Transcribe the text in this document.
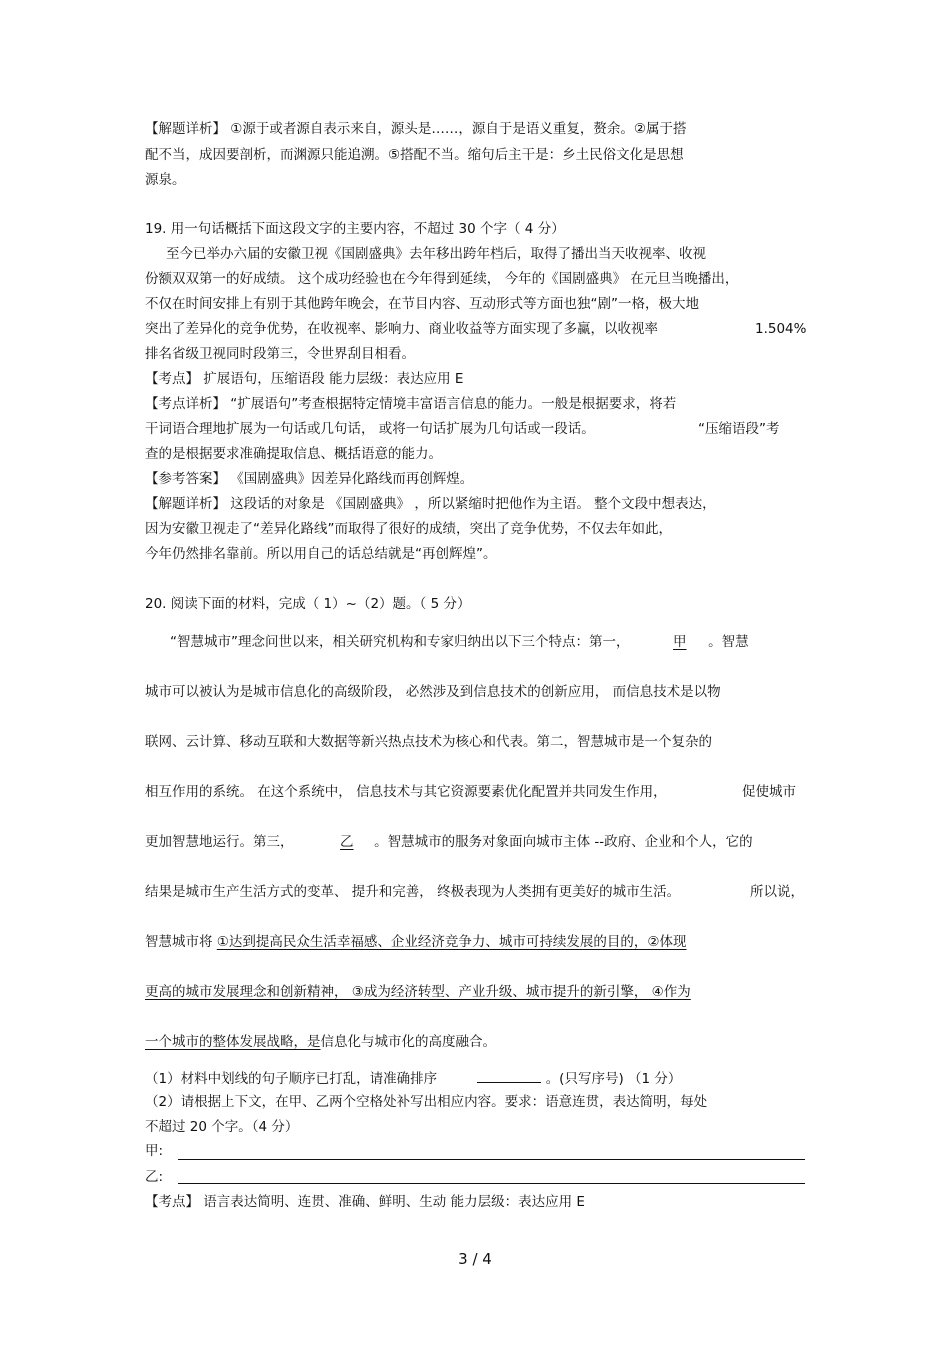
【解题详析】 ①源于或者源自表示来自，源头是……，源自于是语义重复，赘余。②属于搭
配不当，成因要剖析，而渊源只能追溯。⑤搭配不当。缩句后主干是：乡土民俗文化是思想
源泉。
19. 用一句话概括下面这段文字的主要内容，不超过 30 个字（ 4 分）
至今已举办六届的安徽卫视《国剧盛典》去年移出跨年档后，取得了播出当天收视率、收视
份额双双第一的好成绩。 这个成功经验也在今年得到延续， 今年的《国剧盛典》 在元旦当晚播出，
不仅在时间安排上有别于其他跨年晚会，在节目内容、互动形式等方面也独“剧”一格，极大地
突出了差异化的竞争优势，在收视率、影响力、商业收益等方面实现了多赢，以收视率	1.504%
排名省级卫视同时段第三，令世界刮目相看。
【考点】 扩展语句，压缩语段 能力层级：表达应用 E
【考点详析】 “扩展语句”考查根据特定情境丰富语言信息的能力。一般是根据要求，将若
干词语合理地扩展为一句话或几句话， 或将一句话扩展为几句话或一段话。	“压缩语段”考
查的是根据要求准确提取信息、概括语意的能力。
【参考答案】 《国剧盛典》因差异化路线而再创辉煌。
【解题详析】 这段话的对象是 《国剧盛典》 ，所以紧缩时把他作为主语。 整个文段中想表达，
因为安徽卫视走了“差异化路线”而取得了很好的成绩，突出了竞争优势，不仅去年如此，
今年仍然排名靠前。所以用自己的话总结就是“再创辉煌”。
20. 阅读下面的材料，完成（ 1）~（2）题。（ 5 分）
“智慧城市”理念问世以来，相关研究机构和专家归纳出以下三个特点：第一，	甲 。智慧
城市可以被认为是城市信息化的高级阶段， 必然涉及到信息技术的创新应用， 而信息技术是以物
联网、云计算、移动互联和大数据等新兴热点技术为核心和代表。第二，智慧城市是一个复杂的
相互作用的系统。 在这个系统中， 信息技术与其它资源要素优化配置并共同发生作用，	促使城市
更加智慧地运行。第三，	乙 。智慧城市的服务对象面向城市主体 --政府、企业和个人，它的
结果是城市生产生活方式的变革、 提升和完善， 终极表现为人类拥有更美好的城市生活。	所以说，
智慧城市将 ①达到提高民众生活幸福感、企业经济竞争力、城市可持续发展的目的，②体现
更高的城市发展理念和创新精神， ③成为经济转型、产业升级、城市提升的新引擎， ④作为
一个城市的整体发展战略，是信息化与城市化的高度融合。
（1）材料中划线的句子顺序已打乱，请准确排序	。(只写序号) （1 分）
（2）请根据上下文，在甲、乙两个空格处补写出相应内容。要求：语意连贯，表达简明，每处
不超过 20 个字。（4 分）
甲:
乙:
【考点】 语言表达简明、连贯、准确、鲜明、生动 能力层级：表达应用 E
3 / 4
